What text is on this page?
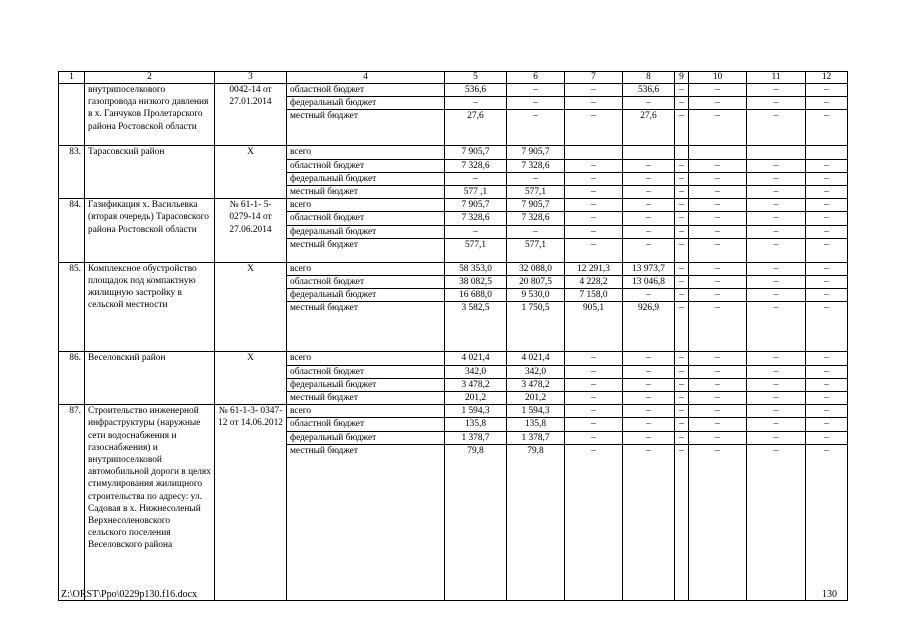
1	2	3	4	5	6	7	8	9	10	11	12
	внутрипоселкового газопровода низкого давления в х. Ганчуков Пролетарского района Ростовской области	0042-14 от 27.01.2014	областной бюджет	536,6	–	–	536,6	–	–	–	–
			федеральный бюджет	–	–	–	–	–	–	–	–
			местный бюджет	27,6	–	–	27,6	–	–	–	–
83.	Тарасовский район	Х	всего	7 905,7	7 905,7						
			областной бюджет	7 328,6	7 328,6	–	–	–	–	–	–
			федеральный бюджет	–	–	–	–	–	–	–	–
			местный бюджет	577 ,1	577,1	–	–	–	–	–	–
84.	Газификация х. Васильевка (вторая очередь) Тарасовского района Ростовской области	№ 61-1- 5- 0279-14 от 27.06.2014	всего	7 905,7	7 905,7	–	–	–	–	–	–
			областной бюджет	7 328,6	7 328,6	–	–	–	–	–	–
			федеральный бюджет	–	–	–	–	–	–	–	–
			местный бюджет	577,1	577,1	–	–	–	–	–	–
85.	Комплексное обустройство площадок под компактную жилищную застройку в сельской местности	Х	всего	58 353,0	32 088,0	12 291,3	13 973,7	–	–	–	–
			областной бюджет	38 082,5	20 807,5	4 228,2	13 046,8	–	–	–	–
			федеральный бюджет	16 688,0	9 530,0	7 158,0	–	–	–	–	–
			местный бюджет	3 582,5	1 750,5	905,1	926,9	–	–	–	–
86.	Веселовский район	Х	всего	4 021,4	4 021,4	–	–	–	–	–	–
			областной бюджет	342,0	342,0	–	–	–	–	–	–
			федеральный бюджет	3 478,2	3 478,2	–	–	–	–	–	–
			местный бюджет	201,2	201,2	–	–	–	–	–	–
87.	Строительство инженерной инфраструктуры (наружные сети водоснабжения и газоснабжения) и внутрипоселковой автомобильной дороги в целях стимулирования жилищного строительства по адресу: ул. Садовая в х. Нижнесоленый Верхнесоленовского сельского поселения Веселовского района	№ 61-1-3- 0347-12 от 14.06.2012	всего	1 594,3	1 594,3	–	–	–	–	–	–
			областной бюджет	135,8	135,8	–	–	–	–	–	–
			федеральный бюджет	1 378,7	1 378,7	–	–	–	–	–	–
			местный бюджет	79,8	79,8	–	–	–	–	–	–
Z:\ORST\Ppo\0229p130.f16.docx	130
